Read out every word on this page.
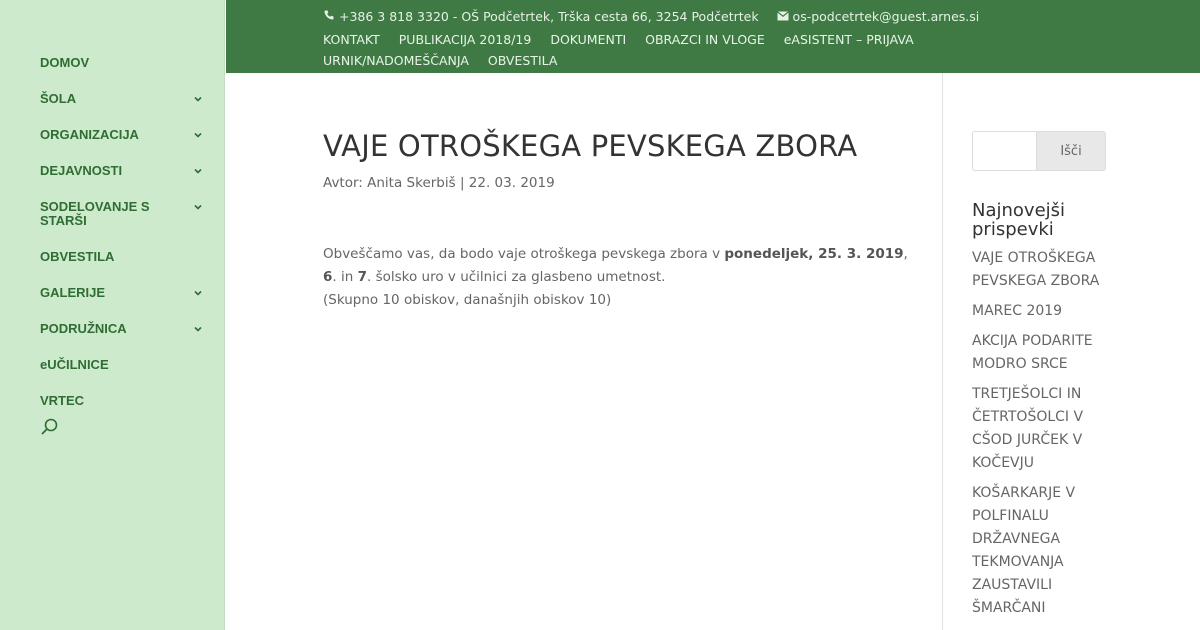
DOMOV
ŠOLA
ORGANIZACIJA
DEJAVNOSTI
SODELOVANJE S STARŠI
OBVESTILA
GALERIJE
PODRUŽNICA
eUČILNICE
VRTEC
+386 3 818 3320 - OŠ Podčetrtek, Trška cesta 66, 3254 Podčetrtek	os-podcetrtek@guest.arnes.si
KONTAKT PUBLIKACIJA 2018/19 DOKUMENTI OBRAZCI IN VLOGE eASISTENT – PRIJAVA URNIK/NADOMEŠČANJA OBVESTILA
VAJE OTROŠKEGA PEVSKEGA ZBORA
Avtor: Anita Skerbiš | 22. 03. 2019

Obveščamo vas, da bodo vaje otroškega pevskega zbora v ponedeljek, 25. 3. 2019, 6. in 7. šolsko uro v učilnici za glasbeno umetnost.

(Skupno 10 obiskov, današnjih obiskov 10)

Išči
Najnovejši prispevki
VAJE OTROŠKEGA PEVSKEGA ZBORA
MAREC 2019
AKCIJA PODARITE MODRO SRCE
TRETJEŠOLCI IN ČETRTOŠOLCI V CŠOD JURČEK V KOČEVJU
KOŠARKARJE V POLFINALU DRŽAVNEGA TEKMOVANJA ZAUSTAVILI ŠMARČANI
